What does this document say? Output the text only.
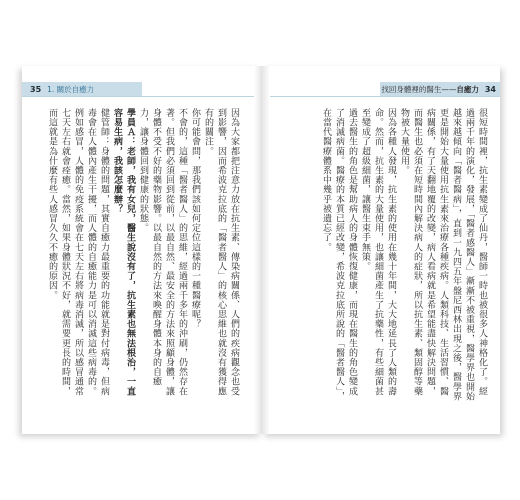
35 1. 關於自癒力	找回身體裡的醫生——自癒力 34

因為大家都把注意力放在抗生素、傳染病關係、人們的疾病觀念也受到影響，因而希波克拉底的「醫者醫人」的核心思維也就沒有獲得應有的關注。

你可能會問，那我們該如何定位這樣的一種醫療呢？

不會的，這種「醫者醫人」的思維，經過兩千多年的沖刷，仍然存在著。但我們必須回到從前，以最自然、最安全的方法來照顧身體，讓身體不受不好的藥物影響。以最自然的方法來喚醒身體本身的自癒力，讓身體回到健康的狀態。

學員Ａ：老師，我有女兒，醫生說沒有了，抗生素也無法根治，一直容易生病，我該怎麼辦？

健管師：身體的問題，其實自癒力最重要的功能就是對付病毒，但病毒會在人體內產生干擾，而人體的自癒能力是可以消滅這些病毒的。例如感冒，人體的免疫系統會在七天左右將病毒消滅，所以感冒通常七天左右就會痊癒。當然，如果身體狀況不好，就需要更長的時間，而這就是為什麼有些人感冒久久不癒的原因。	很短時間裡，抗生素變成了仙丹，醫師一時也被很多人神格化了。經過兩千年的演化，發展，「醫者感醫人」漸漸不被重視，醫學界也開始越來越傾向「醫者醫病」，直到一九四五年盤尼西林出現之後，醫學界更是開始大量使用抗生素來治療各種疾病。人類科技、生活習慣、醫病關係，有了天翻地覆的改變，病人看病就是希望能盡快解決問題，而醫生也必須在短時間內解決病人的症狀，所以抗生素、類固醇等藥物被大量使用。

因為各種人發現，抗生素的使用在幾十年間，大大地延長了人類的壽命。然而，抗生素的大量使用，也讓細菌產生了抗藥性，有些細菌甚至變成了超級細菌，讓醫生束手無策。

過去醫生的角色是幫助病人的身體恢復健康，而現在醫生的角色變成了消滅病菌。醫療的本質已經改變，希波克拉底所說的「醫者醫人」，在當代醫療體系中幾乎被遺忘了。
